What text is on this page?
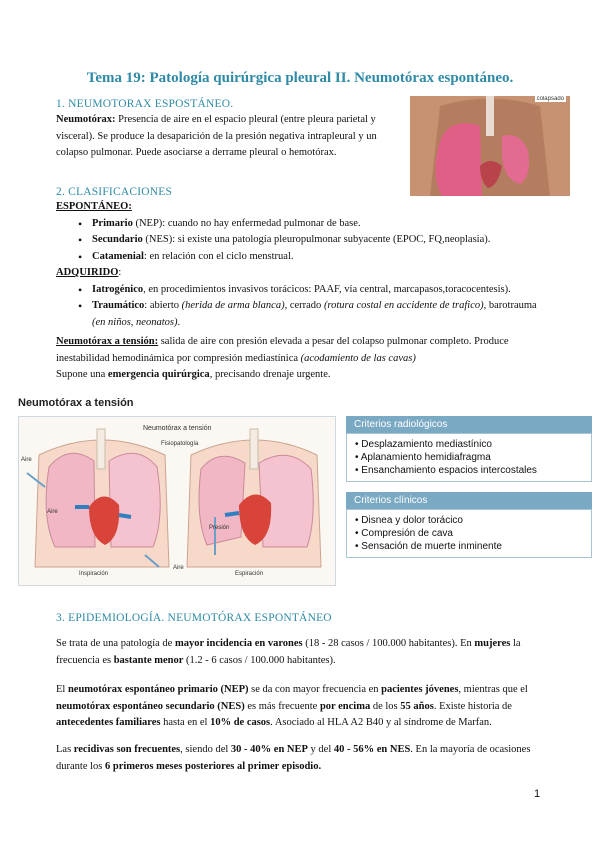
Tema 19: Patología quirúrgica pleural II. Neumotórax espontáneo.
1. NEUMOTORAX ESPOSTÁNEO.
Neumotórax: Presencia de aire en el espacio pleural (entre pleura parietal y visceral). Se produce la desaparición de la presión negativa intrapleural y un colapso pulmonar. Puede asociarse a derrame pleural o hemotórax.
colapsado
2. CLASIFICACIONES
ESPONTÁNEO:
• Primario (NEP): cuando no hay enfermedad pulmonar de base.
• Secundario (NES): si existe una patología pleuropulmonar subyacente (EPOC, FQ,neoplasia).
• Catamenial: en relación con el ciclo menstrual.
ADQUIRIDO:
• Iatrogénico, en procedimientos invasivos torácicos: PAAF, vía central, marcapasos,toracocentesis).
• Traumático: abierto (herida de arma blanca), cerrado (rotura costal en accidente de trafico), barotrauma (en niños, neonatos).
Neumotórax a tensión: salida de aire con presión elevada a pesar del colapso pulmonar completo. Produce inestabilidad hemodinámica por compresión mediastínica (acodamiento de las cavas)
Supone una emergencia quirúrgica, precisando drenaje urgente.
Neumotórax a tensión
Neumotórax a tensión
Fisiopatología
Aire
Aire
Aire
Presión
Inspiración	Espiración
Criterios radiológicos
• Desplazamiento mediastínico
• Aplanamiento hemidiafragma
• Ensanchamiento espacios intercostales
Criterios clínicos
• Disnea y dolor torácico
• Compresión de cava
• Sensación de muerte inminente
3. EPIDEMIOLOGÍA. NEUMOTÓRAX ESPONTÁNEO
Se trata de una patología de mayor incidencia en varones (18 - 28 casos / 100.000 habitantes). En mujeres la frecuencia es bastante menor (1.2 - 6 casos / 100.000 habitantes).
El neumotórax espontáneo primario (NEP) se da con mayor frecuencia en pacientes jóvenes, mientras que el neumotórax espontáneo secundario (NES) es más frecuente por encima de los 55 años. Existe historia de antecedentes familiares hasta en el 10% de casos. Asociado al HLA A2 B40 y al síndrome de Marfan.
Las recidivas son frecuentes, siendo del 30 - 40% en NEP y del 40 - 56% en NES. En la mayoría de ocasiones durante los 6 primeros meses posteriores al primer episodio.
1
